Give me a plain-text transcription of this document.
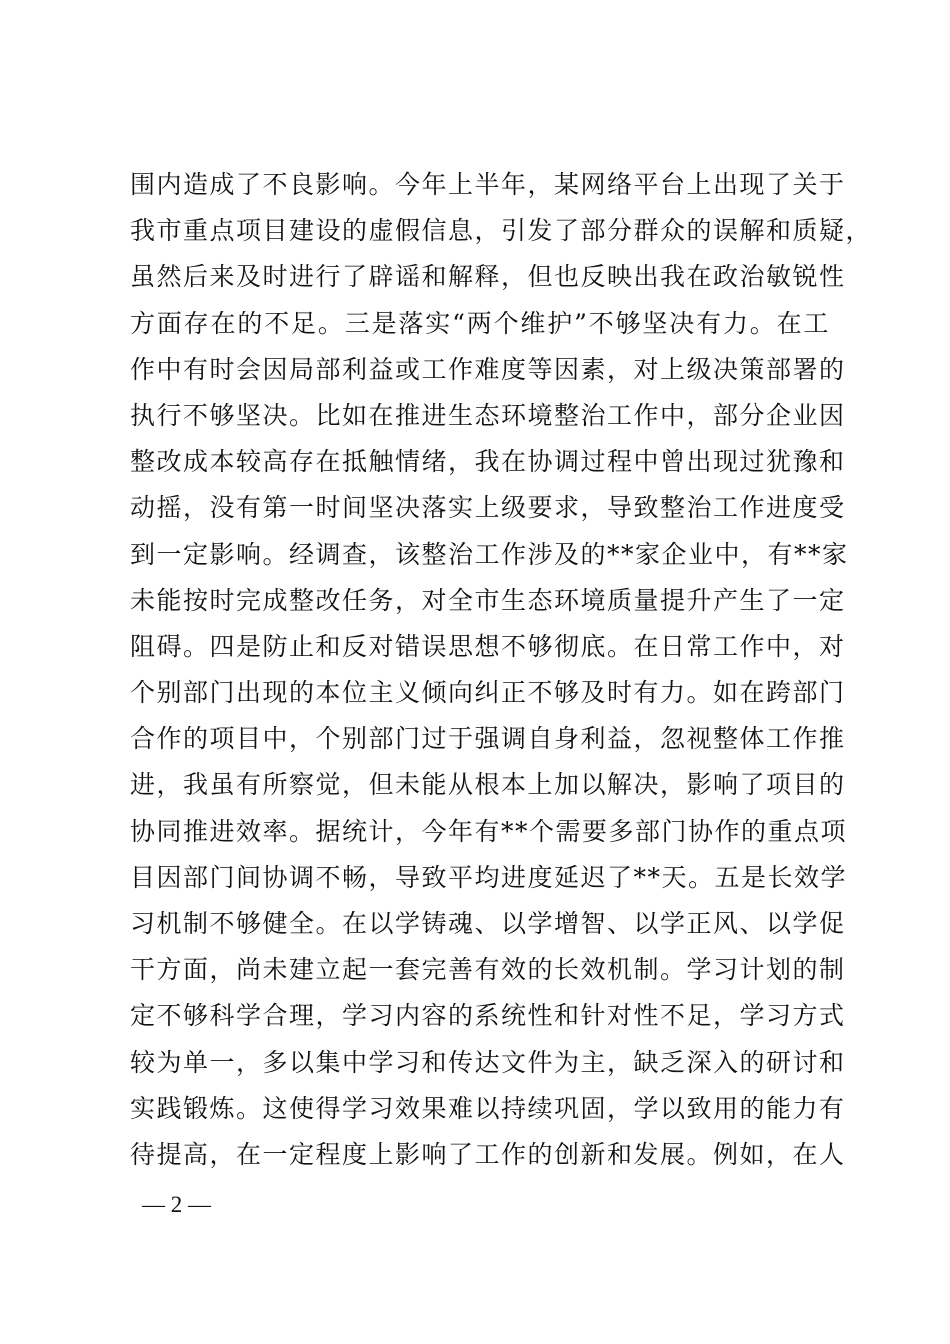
围内造成了不良影响。今年上半年，某网络平台上出现了关于
我市重点项目建设的虚假信息，引发了部分群众的误解和质疑，
虽然后来及时进行了辟谣和解释，但也反映出我在政治敏锐性
方面存在的不足。三是落实“两个维护”不够坚决有力。在工
作中有时会因局部利益或工作难度等因素，对上级决策部署的
执行不够坚决。比如在推进生态环境整治工作中，部分企业因
整改成本较高存在抵触情绪，我在协调过程中曾出现过犹豫和
动摇，没有第一时间坚决落实上级要求，导致整治工作进度受
到一定影响。经调查，该整治工作涉及的**家企业中，有**家
未能按时完成整改任务，对全市生态环境质量提升产生了一定
阻碍。四是防止和反对错误思想不够彻底。在日常工作中，对
个别部门出现的本位主义倾向纠正不够及时有力。如在跨部门
合作的项目中，个别部门过于强调自身利益，忽视整体工作推
进，我虽有所察觉，但未能从根本上加以解决，影响了项目的
协同推进效率。据统计，今年有**个需要多部门协作的重点项
目因部门间协调不畅，导致平均进度延迟了**天。五是长效学
习机制不够健全。在以学铸魂、以学增智、以学正风、以学促
干方面，尚未建立起一套完善有效的长效机制。学习计划的制
定不够科学合理，学习内容的系统性和针对性不足，学习方式
较为单一，多以集中学习和传达文件为主，缺乏深入的研讨和
实践锻炼。这使得学习效果难以持续巩固，学以致用的能力有
待提高，在一定程度上影响了工作的创新和发展。例如，在人
— 2 —
